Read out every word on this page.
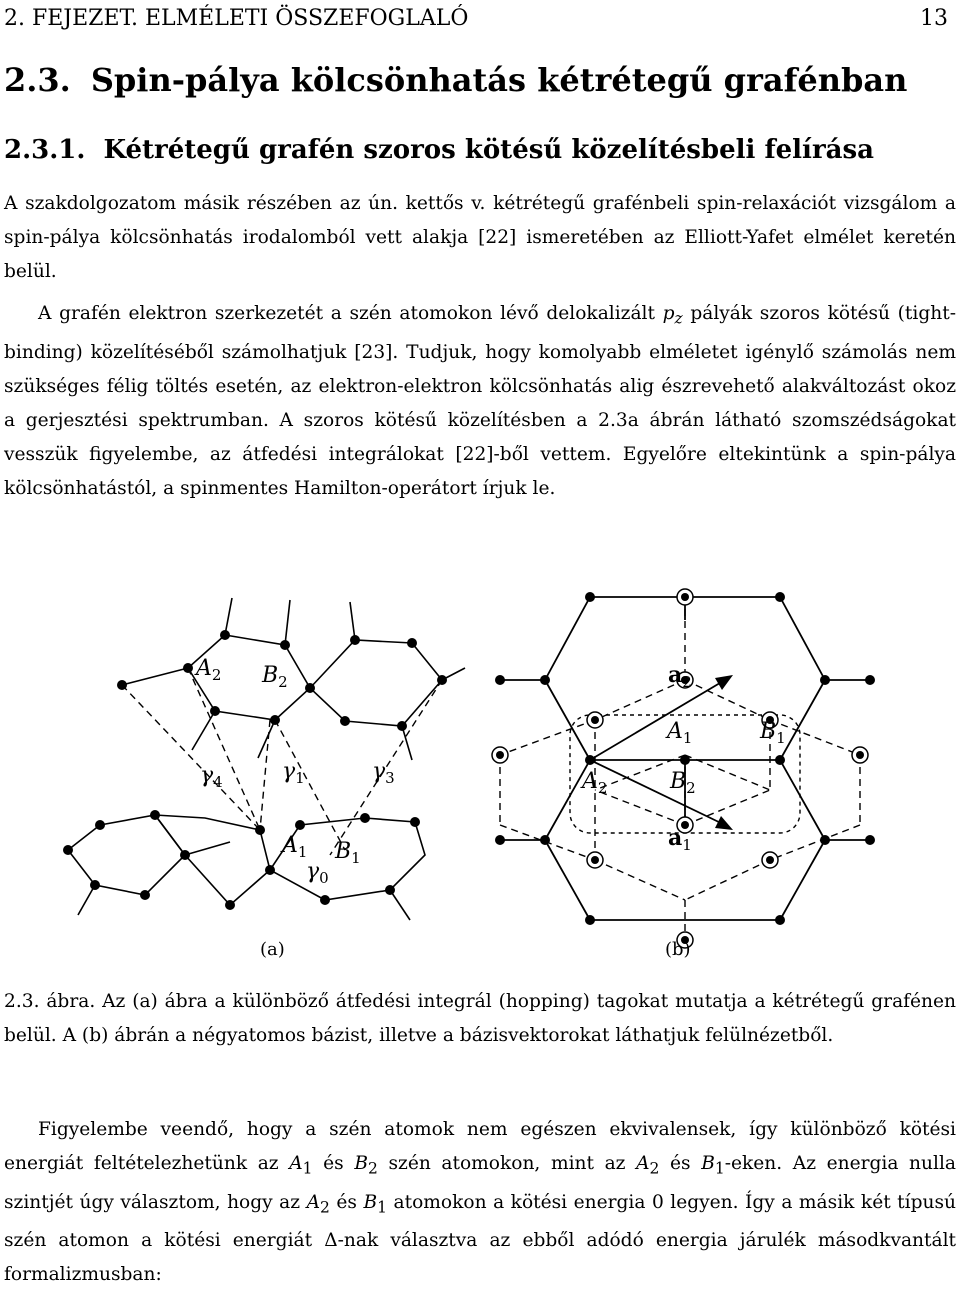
2. FEJEZET. ELMÉLETI ÖSSZEFOGLALÓ	13
2.3. Spin-pálya kölcsönhatás kétrétegű grafénban
2.3.1. Kétrétegű grafén szoros kötésű közelítésbeli felírása
A szakdolgozatom másik részében az ún. kettős v. kétrétegű grafénbeli spin-relaxációt vizsgálom a spin-pálya kölcsönhatás irodalomból vett alakja [22] ismeretében az Elliott-Yafet elmélet keretén belül.
A grafén elektron szerkezetét a szén atomokon lévő delokalizált $p_z$ pályák szoros kötésű (tight-binding) közelítéséből számolhatjuk [23]. Tudjuk, hogy komolyabb elméletet igénylő számolás nem szükséges félig töltés esetén, az elektron-elektron kölcsönhatás alig észrevehető alakváltozást okoz a gerjesztési spektrumban. A szoros kötésű közelítésben a 2.3a ábrán látható szomszédságokat vesszük figyelembe, az átfedési integrálokat [22]-ből vettem. Egyelőre eltekintünk a spin-pálya kölcsönhatástól, a spinmentes Hamilton-operátort írjuk le.
$A_2$ $B_2$
$\gamma_4$	$\gamma_1$	$\gamma_3$
$A_1$ $B_1$
$\gamma_0$
(a)
$a_2$
$A_1$	$B_1$
$A_2$	$B_2$
$a_1$
(b)
2.3. ábra. Az (a) ábra a különböző átfedési integrál (hopping) tagokat mutatja a kétrétegű grafénen belül. A (b) ábrán a négyatomos bázist, illetve a bázisvektorokat láthatjuk felülnézetből.
Figyelembe veendő, hogy a szén atomok nem egészen ekvivalensek, így különböző kötési energiát feltételezhetünk az $A_1$ és $B_2$ szén atomokon, mint az $A_2$ és $B_1$-eken. Az energia nulla szintjét úgy választom, hogy az $A_2$ és $B_1$ atomokon a kötési energia 0 legyen. Így a másik két típusú szén atomon a kötési energiát Δ-nak választva az ebből adódó energia járulék másodkvantált formalizmusban:
